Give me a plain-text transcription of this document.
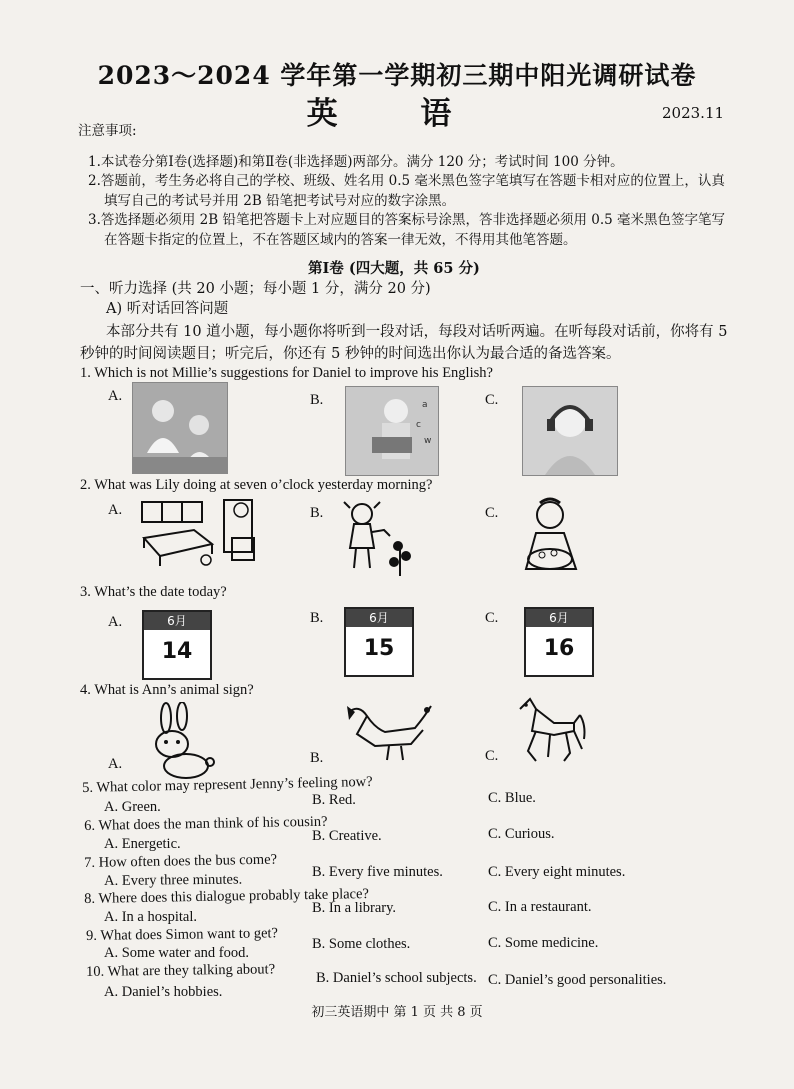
2023～2024 学年第一学期初三期中阳光调研试卷
英 语	2023.11
注意事项:
1.本试卷分第Ⅰ卷(选择题)和第Ⅱ卷(非选择题)两部分。满分 120 分；考试时间 100 分钟。
2.答题前，考生务必将自己的学校、班级、姓名用 0.5 毫米黑色签字笔填写在答题卡相对应的位置上，认真
填写自己的考试号并用 2B 铅笔把考试号对应的数字涂黑。
3.答选择题必须用 2B 铅笔把答题卡上对应题目的答案标号涂黑，答非选择题必须用 0.5 毫米黑色签字笔写
在答题卡指定的位置上，不在答题区域内的答案一律无效，不得用其他笔答题。
第Ⅰ卷 (四大题，共 65 分)
一、听力选择 (共 20 小题；每小题 1 分，满分 20 分)
A) 听对话回答问题
本部分共有 10 道小题，每小题你将听到一段对话，每段对话听两遍。在听每段对话前，你将有 5
秒钟的时间阅读题目；听完后，你还有 5 秒钟的时间选出你认为最合适的备选答案。
1. Which is not Millie’s suggestions for Daniel to improve his English?
A.	B.	C.
a
c
w
2. What was Lily doing at seven o’clock yesterday morning?
A.	B.	C.
3. What’s the date today?
A.	B.	C.
6月
14
6月
15
6月
16
4. What is Ann’s animal sign?
A.	B.	C.
5. What color may represent Jenny’s feeling now?
A. Green.	B. Red.	C. Blue.
6. What does the man think of his cousin?
A. Energetic.	B. Creative.	C. Curious.
7. How often does the bus come?
A. Every three minutes.	B. Every five minutes.	C. Every eight minutes.
8. Where does this dialogue probably take place?
A. In a hospital.
B. In a library.	C. In a restaurant.
9. What does Simon want to get?
A. Some water and food.
B. Some clothes.	C. Some medicine.
10. What are they talking about?
A. Daniel’s hobbies.
B. Daniel’s school subjects. C. Daniel’s good personalities.
初三英语期中 第 1 页 共 8 页
